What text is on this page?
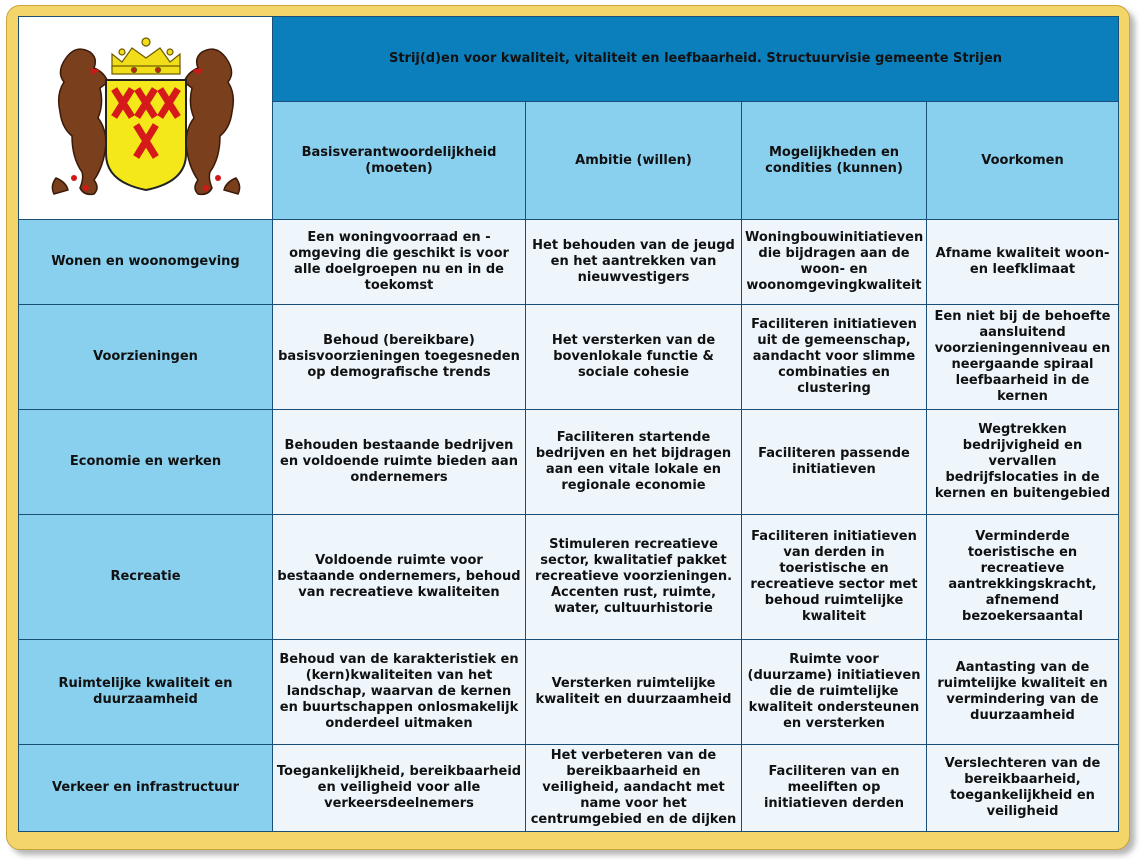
	Strij(d)en voor kwaliteit, vitaliteit en leefbaarheid. Structuurvisie gemeente Strijen			
	Basisverantwoordelijkheid (moeten)	Ambitie (willen)	Mogelijkheden en condities (kunnen)	Voorkomen
Wonen en woonomgeving	Een woningvoorraad en -omgeving die geschikt is voor alle doelgroepen nu en in de toekomst	Het behouden van de jeugd en het aantrekken van nieuwvestigers	Woningbouwinitiatieven die bijdragen aan de woon- en woonomgevingkwaliteit	Afname kwaliteit woon- en leefklimaat
Voorzieningen	Behoud (bereikbare) basisvoorzieningen toegesneden op demografische trends	Het versterken van de bovenlokale functie & sociale cohesie	Faciliteren initiatieven uit de gemeenschap, aandacht voor slimme combinaties en clustering	Een niet bij de behoefte aansluitend voorzieningenniveau en neergaande spiraal leefbaarheid in de kernen
Economie en werken	Behouden bestaande bedrijven en voldoende ruimte bieden aan ondernemers	Faciliteren startende bedrijven en het bijdragen aan een vitale lokale en regionale economie	Faciliteren passende initiatieven	Wegtrekken bedrijvigheid en vervallen bedrijfslocaties in de kernen en buitengebied
Recreatie	Voldoende ruimte voor bestaande ondernemers, behoud van recreatieve kwaliteiten	Stimuleren recreatieve sector, kwalitatief pakket recreatieve voorzieningen. Accenten rust, ruimte, water, cultuurhistorie	Faciliteren initiatieven van derden in toeristische en recreatieve sector met behoud ruimtelijke kwaliteit	Verminderde toeristische en recreatieve aantrekkingskracht, afnemend bezoekersaantal
Ruimtelijke kwaliteit en duurzaamheid	Behoud van de karakteristiek en (kern)kwaliteiten van het landschap, waarvan de kernen en buurtschappen onlosmakelijk onderdeel uitmaken	Versterken ruimtelijke kwaliteit en duurzaamheid	Ruimte voor (duurzame) initiatieven die de ruimtelijke kwaliteit ondersteunen en versterken	Aantasting van de ruimtelijke kwaliteit en vermindering van de duurzaamheid
Verkeer en infrastructuur	Toegankelijkheid, bereikbaarheid en veiligheid voor alle verkeersdeelnemers	Het verbeteren van de bereikbaarheid en veiligheid, aandacht met name voor het centrumgebied en de dijken	Faciliteren van en meeliften op initiatieven derden	Verslechteren van de bereikbaarheid, toegankelijkheid en veiligheid
